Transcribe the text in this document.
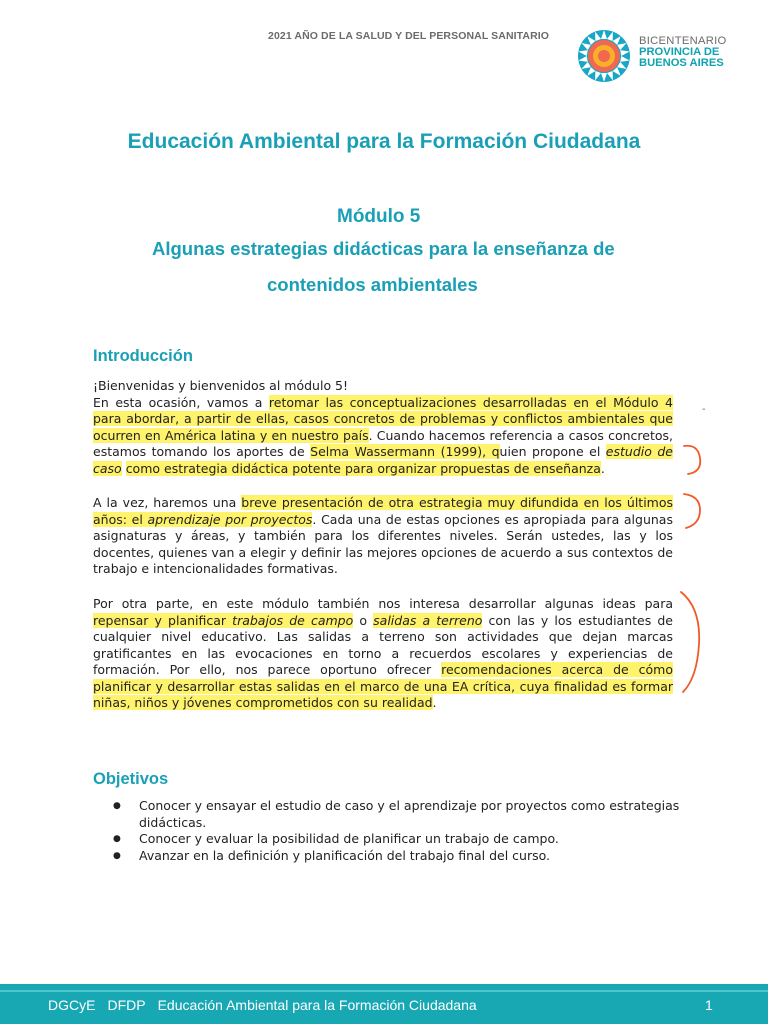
2021 AÑO DE LA SALUD Y DEL PERSONAL SANITARIO	BICENTENARIO
PROVINCIA DE
BUENOS AIRES
Educación Ambiental para la Formación Ciudadana
Módulo 5
Algunas estrategias didácticas para la enseñanza de
contenidos ambientales
Introducción
¡Bienvenidas y bienvenidos al módulo 5!
En esta ocasión, vamos a retomar las conceptualizaciones desarrolladas en el Módulo 4 para abordar, a partir de ellas, casos concretos de problemas y conflictos ambientales que ocurren en América latina y en nuestro país. Cuando hacemos referencia a casos concretos, estamos tomando los aportes de Selma Wassermann (1999), quien propone el estudio de caso como estrategia didáctica potente para organizar propuestas de enseñanza.
A la vez, haremos una breve presentación de otra estrategia muy difundida en los últimos años: el aprendizaje por proyectos. Cada una de estas opciones es apropiada para algunas asignaturas y áreas, y también para los diferentes niveles. Serán ustedes, las y los docentes, quienes van a elegir y definir las mejores opciones de acuerdo a sus contextos de trabajo e intencionalidades formativas.
Por otra parte, en este módulo también nos interesa desarrollar algunas ideas para repensar y planificar trabajos de campo o salidas a terreno con las y los estudiantes de cualquier nivel educativo. Las salidas a terreno son actividades que dejan marcas gratificantes en las evocaciones en torno a recuerdos escolares y experiencias de formación. Por ello, nos parece oportuno ofrecer recomendaciones acerca de cómo planificar y desarrollar estas salidas en el marco de una EA crítica, cuya finalidad es formar niñas, niños y jóvenes comprometidos con su realidad.
-
Objetivos
● Conocer y ensayar el estudio de caso y el aprendizaje por proyectos como estrategias didácticas.
● Conocer y evaluar la posibilidad de planificar un trabajo de campo.
● Avanzar en la definición y planificación del trabajo final del curso.
DGCyE DFDP Educación Ambiental para la Formación Ciudadana	1
